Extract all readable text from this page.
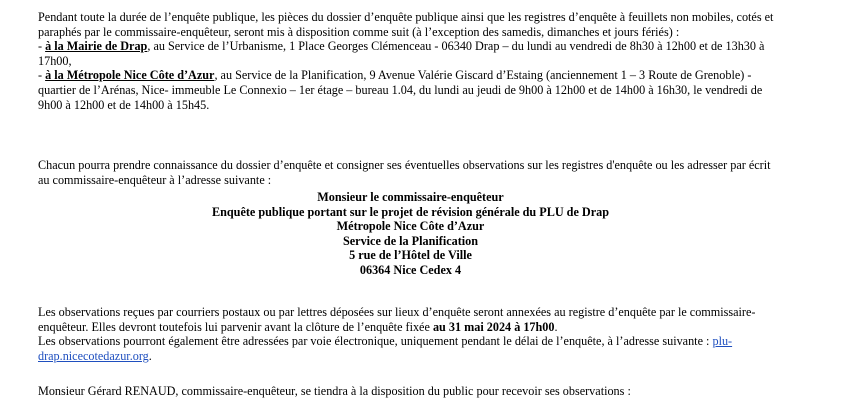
Pendant toute la durée de l’enquête publique, les pièces du dossier d’enquête publique ainsi que les registres d’enquête à feuillets non mobiles, cotés et paraphés par le commissaire-enquêteur, seront mis à disposition comme suit (à l’exception des samedis, dimanches et jours fériés) :

- à la Mairie de Drap, au Service de l’Urbanisme, 1 Place Georges Clémenceau - 06340 Drap – du lundi au vendredi de 8h30 à 12h00 et de 13h30 à 17h00,

- à la Métropole Nice Côte d’Azur, au Service de la Planification, 9 Avenue Valérie Giscard d’Estaing (anciennement 1 – 3 Route de Grenoble) - quartier de l’Arénas, Nice- immeuble Le Connexio – 1er étage – bureau 1.04, du lundi au jeudi de 9h00 à 12h00 et de 14h00 à 16h30, le vendredi de 9h00 à 12h00 et de 14h00 à 15h45.

Chacun pourra prendre connaissance du dossier d’enquête et consigner ses éventuelles observations sur les registres d'enquête ou les adresser par écrit au commissaire-enquêteur à l’adresse suivante :

Monsieur le commissaire-enquêteur

Enquête publique portant sur le projet de révision générale du PLU de Drap

Métropole Nice Côte d’Azur

Service de la Planification

5 rue de l’Hôtel de Ville

06364 Nice Cedex 4

Les observations reçues par courriers postaux ou par lettres déposées sur lieux d’enquête seront annexées au registre d’enquête par le commissaire-enquêteur. Elles devront toutefois lui parvenir avant la clôture de l’enquête fixée au 31 mai 2024 à 17h00.

Les observations pourront également être adressées par voie électronique, uniquement pendant le délai de l’enquête, à l’adresse suivante : plu-drap.nicecotedazur.org.

Monsieur Gérard RENAUD, commissaire-enquêteur, se tiendra à la disposition du public pour recevoir ses observations :
